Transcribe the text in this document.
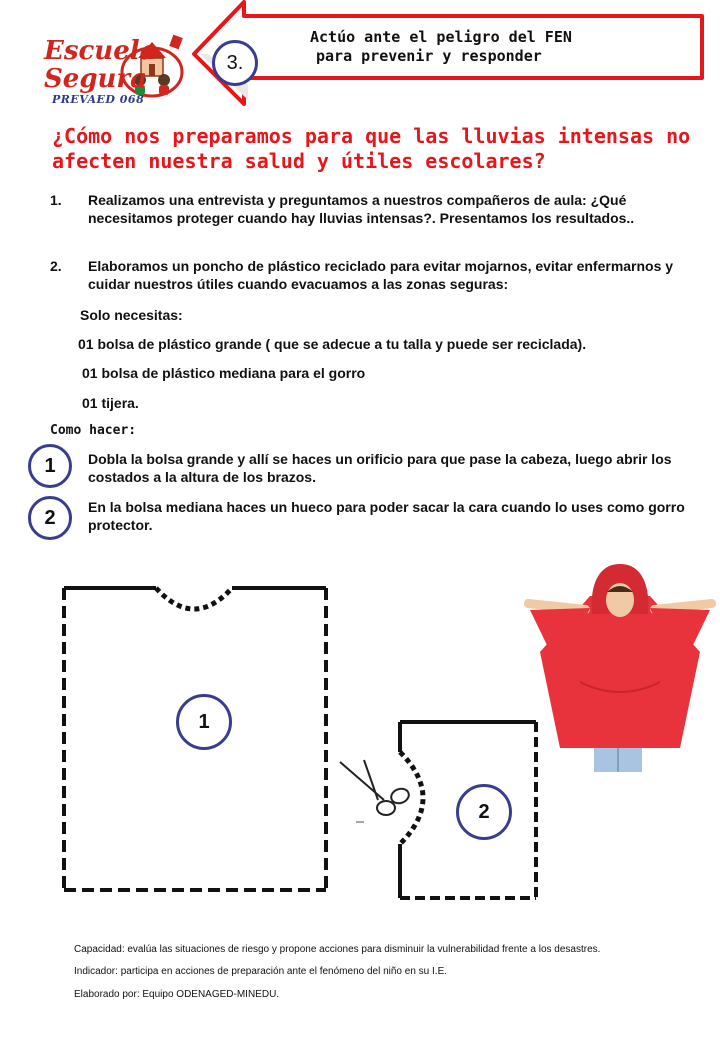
Actúo ante el peligro del FEN
para prevenir y responder
3.
Escuela
Segura
PREVAED 068
¿Cómo nos preparamos para que las lluvias intensas no afecten nuestra salud y útiles escolares?
1. Realizamos una entrevista y preguntamos a nuestros compañeros de aula: ¿Qué necesitamos proteger cuando hay lluvias intensas?. Presentamos los resultados..
2. Elaboramos un poncho de plástico reciclado para evitar mojarnos, evitar enfermarnos y cuidar nuestros útiles cuando evacuamos a las zonas seguras:
Solo necesitas:
01 bolsa de plástico grande ( que se adecue a tu talla y puede ser reciclada).
01 bolsa de plástico mediana para el gorro
01 tijera.
Como hacer:
1	Dobla la bolsa grande y allí se haces un orificio para que pase la cabeza, luego abrir los costados a la altura de los brazos.
2	En la bolsa mediana haces un hueco para poder sacar la cara cuando lo uses como gorro protector.
1
2
Capacidad: evalúa las situaciones de riesgo y propone acciones para disminuir la vulnerabilidad frente a los desastres.
Indicador: participa en acciones de preparación ante el fenómeno del niño en su I.E.
Elaborado por: Equipo ODENAGED-MINEDU.
